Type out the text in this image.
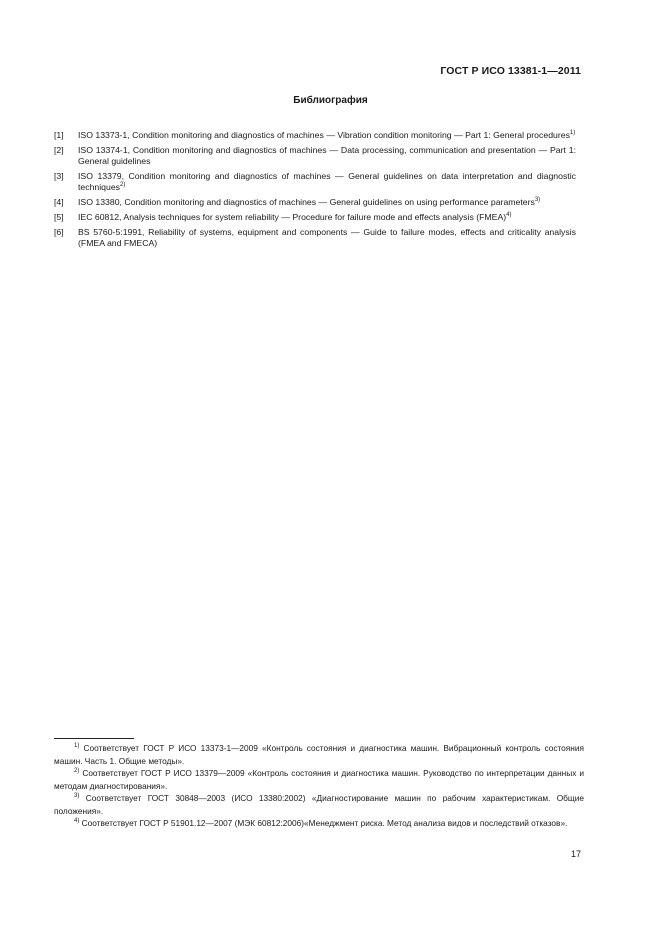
ГОСТ Р ИСО 13381-1—2011
Библиография
[1]	ISO 13373-1, Condition monitoring and diagnostics of machines — Vibration condition monitoring — Part 1: General procedures$^{1)}$
[2]	ISO 13374-1, Condition monitoring and diagnostics of machines — Data processing, communication and presentation — Part 1: General guidelines
[3]	ISO 13379, Condition monitoring and diagnostics of machines — General guidelines on data interpretation and diagnostic techniques$^{2)}$
[4]	ISO 13380, Condition monitoring and diagnostics of machines — General guidelines on using performance parameters$^{3)}$
[5]	IEC 60812, Analysis techniques for system reliability — Procedure for failure mode and effects analysis (FMEA)$^{4)}$
[6]	BS 5760-5:1991, Reliability of systems, equipment and components — Guide to failure modes, effects and criticality analysis (FMEA and FMECA)

$^{1)}$ Соответствует ГОСТ Р ИСО 13373-1—2009 «Контроль состояния и диагностика машин. Вибрационный контроль состояния машин. Часть 1. Общие методы».

$^{2)}$ Соответствует ГОСТ Р ИСО 13379—2009 «Контроль состояния и диагностика машин. Руководство по интерпретации данных и методам диагностирования».

$^{3)}$ Соответствует ГОСТ 30848—2003 (ИСО 13380:2002) «Диагностирование машин по рабочим характеристикам. Общие положения».

$^{4)}$ Соответствует ГОСТ Р 51901.12—2007 (МЭК 60812:2006)«Менеджмент риска. Метод анализа видов и последствий отказов».

17
